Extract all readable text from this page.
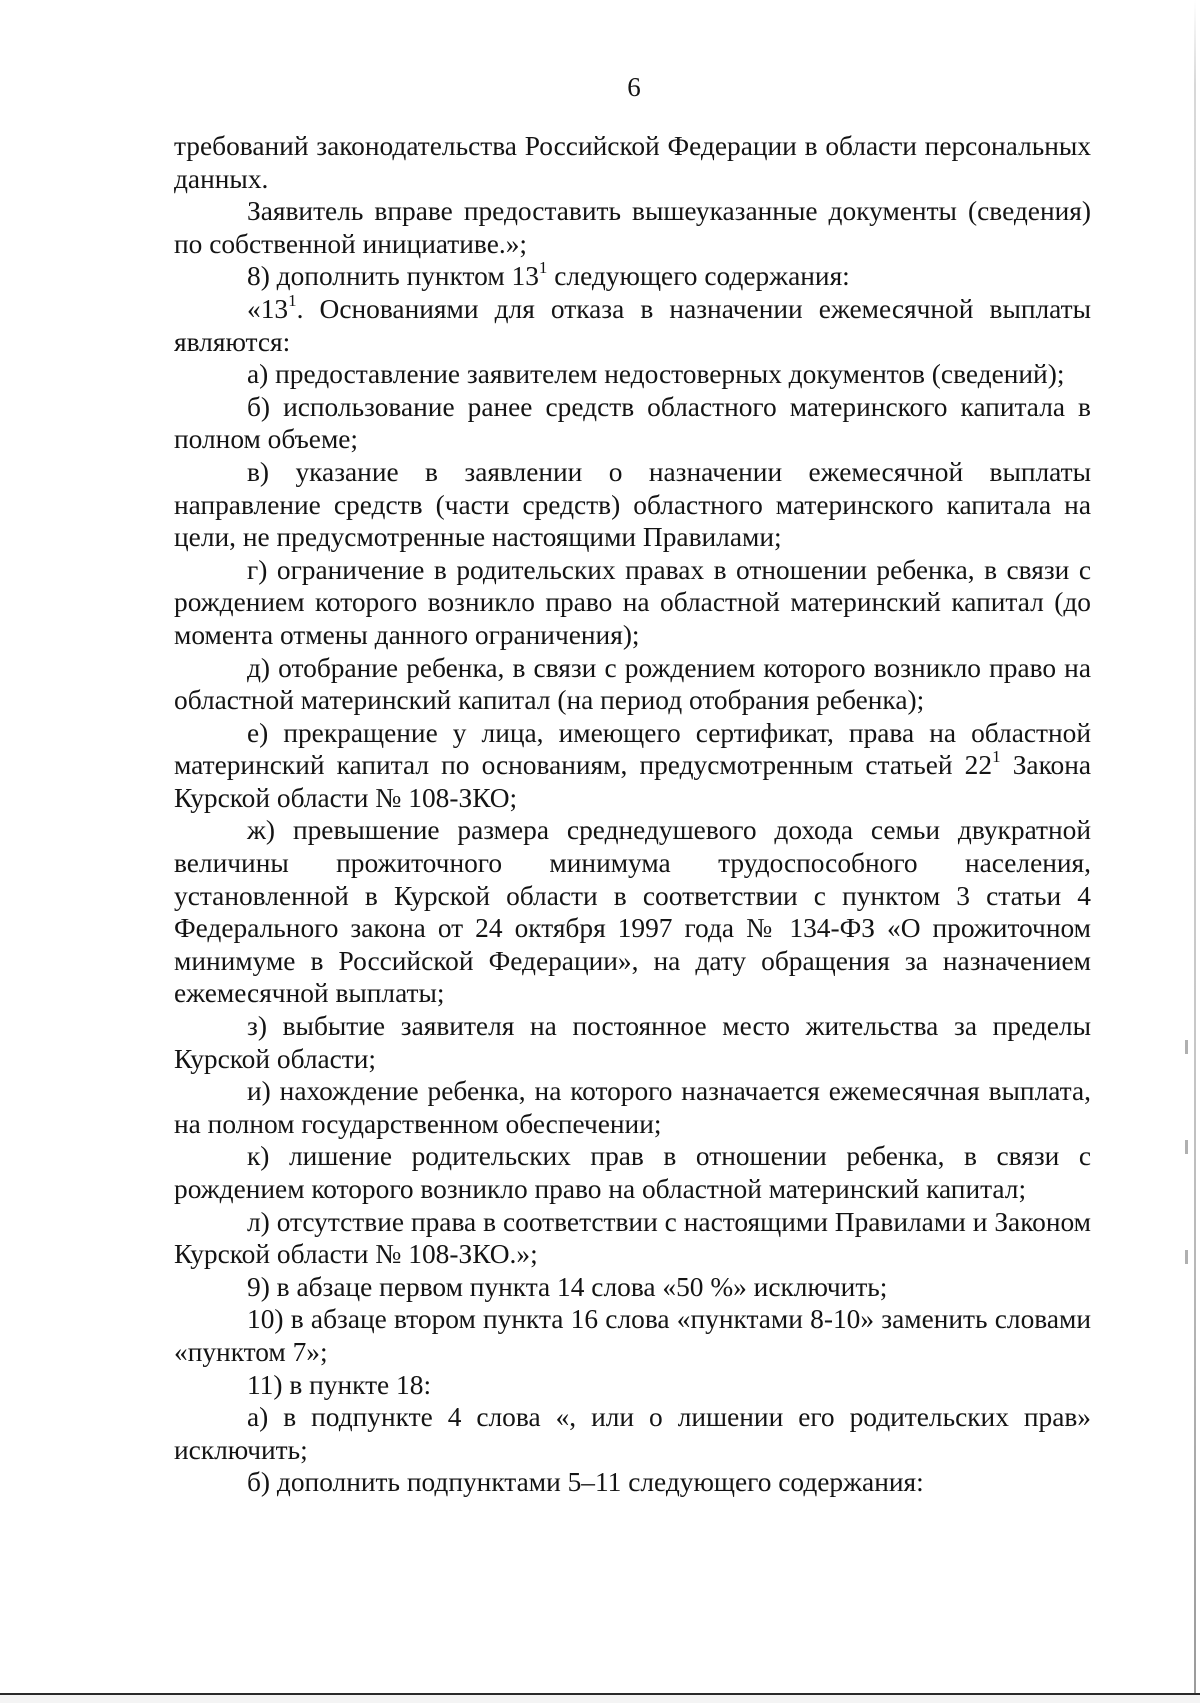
6

требований законодательства Российской Федерации в области персональных данных.

Заявитель вправе предоставить вышеуказанные документы (сведения) по собственной инициативе.»;

8) дополнить пунктом $13^1$ следующего содержания:

«$13^1$. Основаниями для отказа в назначении ежемесячной выплаты являются:

а) предоставление заявителем недостоверных документов (сведений);

б) использование ранее средств областного материнского капитала в полном объеме;

в) указание в заявлении о назначении ежемесячной выплаты направление средств (части средств) областного материнского капитала на цели, не предусмотренные настоящими Правилами;

г) ограничение в родительских правах в отношении ребенка, в связи с рождением которого возникло право на областной материнский капитал (до момента отмены данного ограничения);

д) отобрание ребенка, в связи с рождением которого возникло право на областной материнский капитал (на период отобрания ребенка);

е) прекращение у лица, имеющего сертификат, права на областной материнский капитал по основаниям, предусмотренным статьей $22^1$ Закона Курской области № 108-ЗКО;

ж) превышение размера среднедушевого дохода семьи двукратной величины прожиточного минимума трудоспособного населения, установленной в Курской области в соответствии с пунктом 3 статьи 4 Федерального закона от 24 октября 1997 года № 134-ФЗ «О прожиточном минимуме в Российской Федерации», на дату обращения за назначением ежемесячной выплаты;

з) выбытие заявителя на постоянное место жительства за пределы Курской области;

и) нахождение ребенка, на которого назначается ежемесячная выплата, на полном государственном обеспечении;

к) лишение родительских прав в отношении ребенка, в связи с рождением которого возникло право на областной материнский капитал;

л) отсутствие права в соответствии с настоящими Правилами и Законом Курской области № 108-ЗКО.»;

9) в абзаце первом пункта 14 слова «50 %» исключить;

10) в абзаце втором пункта 16 слова «пунктами 8-10» заменить словами «пунктом 7»;

11) в пункте 18:

а) в подпункте 4 слова «, или о лишении его родительских прав» исключить;

б) дополнить подпунктами 5–11 следующего содержания:
